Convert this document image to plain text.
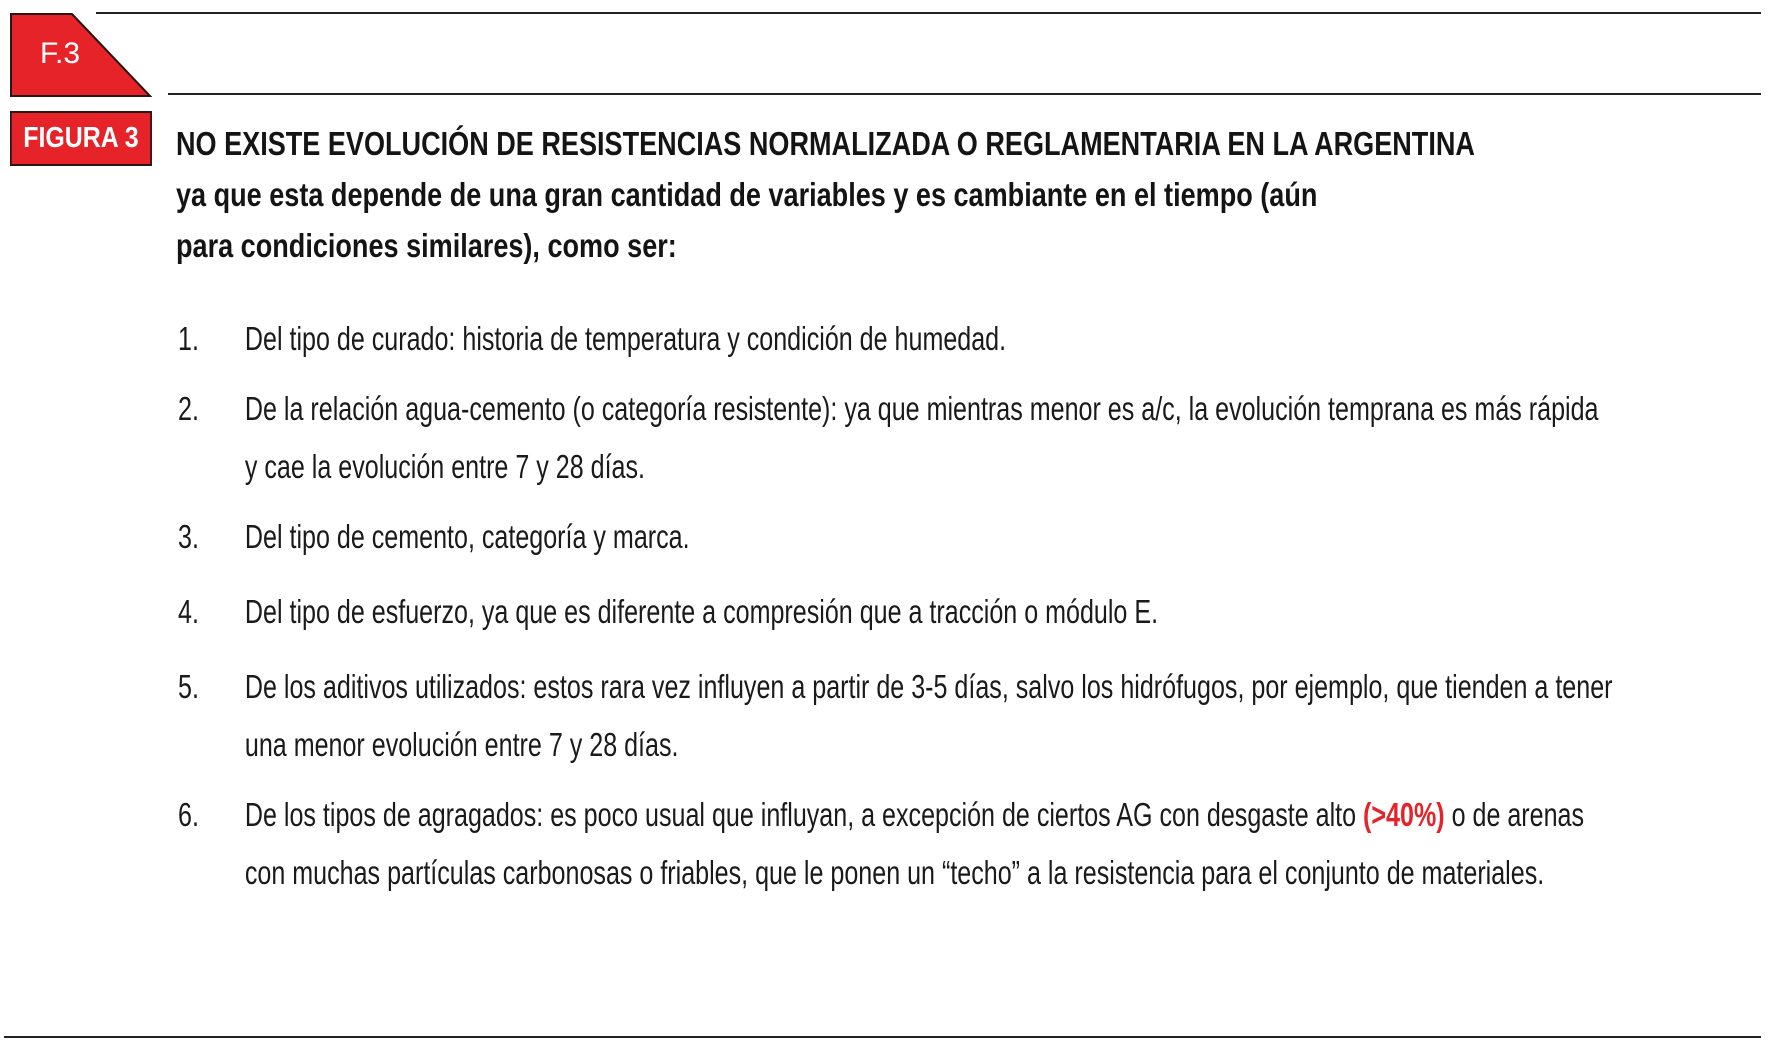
F.3
FIGURA 3	NO EXISTE EVOLUCIÓN DE RESISTENCIAS NORMALIZADA O REGLAMENTARIA EN LA ARGENTINA
ya que esta depende de una gran cantidad de variables y es cambiante en el tiempo (aún
para condiciones similares), como ser:
1. Del tipo de curado: historia de temperatura y condición de humedad.
2. De la relación agua-cemento (o categoría resistente): ya que mientras menor es a/c, la evolución temprana es más rápida
y cae la evolución entre 7 y 28 días.
3. Del tipo de cemento, categoría y marca.
4. Del tipo de esfuerzo, ya que es diferente a compresión que a tracción o módulo E.
5. De los aditivos utilizados: estos rara vez influyen a partir de 3-5 días, salvo los hidrófugos, por ejemplo, que tienden a tener
una menor evolución entre 7 y 28 días.
6. De los tipos de agragados: es poco usual que influyan, a excepción de ciertos AG con desgaste alto (>40%) o de arenas
con muchas partículas carbonosas o friables, que le ponen un “techo” a la resistencia para el conjunto de materiales.
